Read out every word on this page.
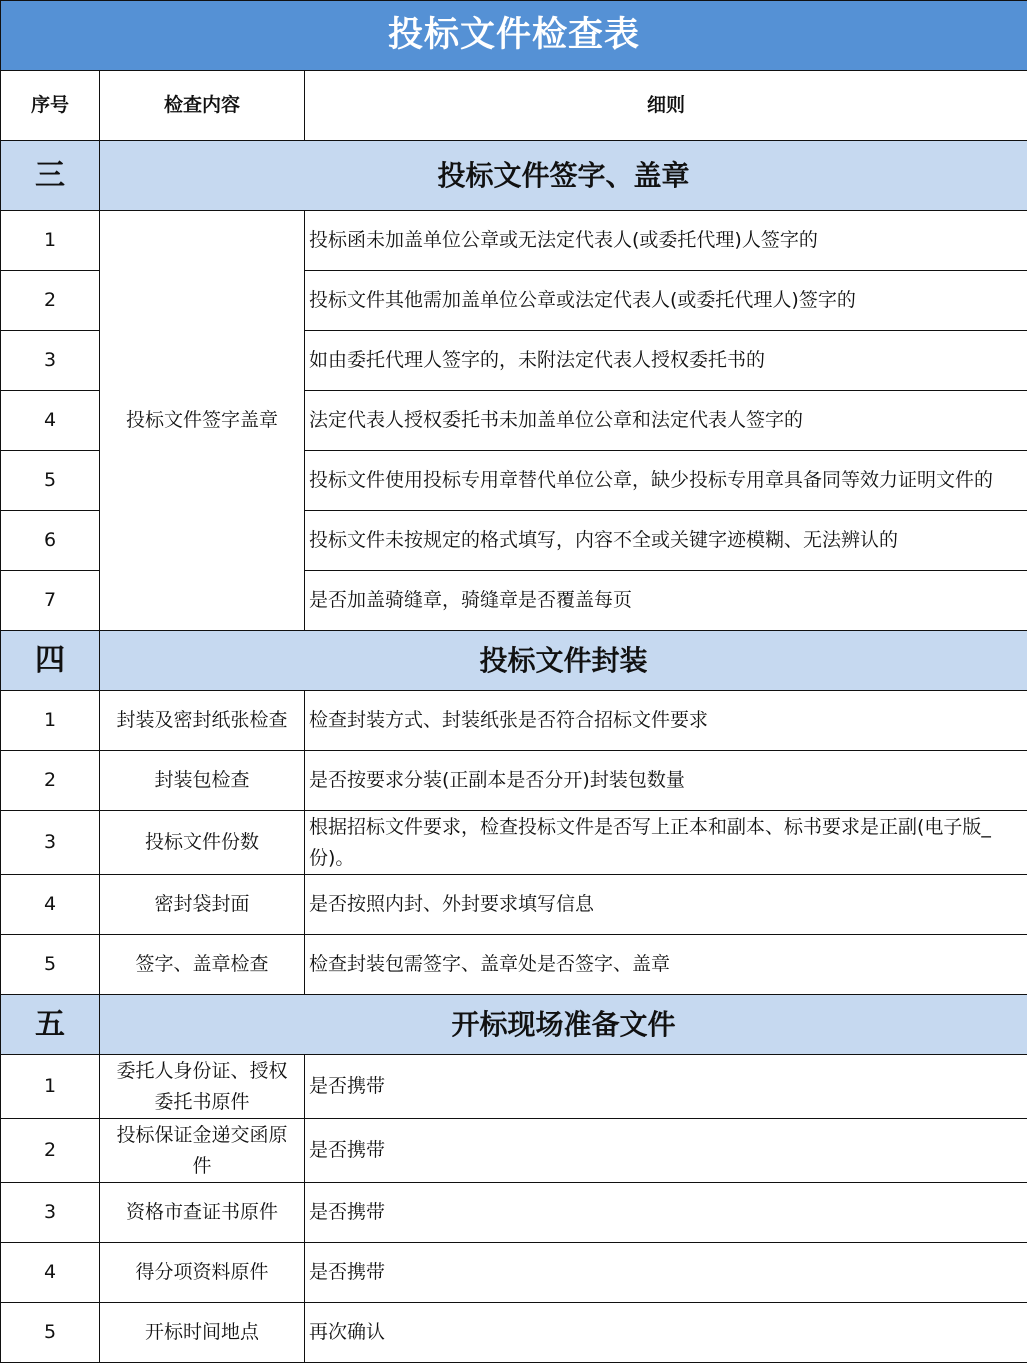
投标文件检查表		
序号	检查内容	细则
三	投标文件签字、盖章	
1	投标文件签字盖章	投标函未加盖单位公章或无法定代表人(或委托代理)人签字的
2		投标文件其他需加盖单位公章或法定代表人(或委托代理人)签字的
3		如由委托代理人签字的，未附法定代表人授权委托书的
4		法定代表人授权委托书未加盖单位公章和法定代表人签字的
5		投标文件使用投标专用章替代单位公章，缺少投标专用章具备同等效力证明文件的
6		投标文件未按规定的格式填写，内容不全或关键字迹模糊、无法辨认的
7		是否加盖骑缝章，骑缝章是否覆盖每页
四	投标文件封装	
1	封装及密封纸张检查	检查封装方式、封装纸张是否符合招标文件要求
2	封装包检查	是否按要求分装(正副本是否分开)封装包数量
3	投标文件份数	根据招标文件要求，检查投标文件是否写上正本和副本、标书要求是正副(电子版_份)。
4	密封袋封面	是否按照内封、外封要求填写信息
5	签字、盖章检查	检查封装包需签字、盖章处是否签字、盖章
五	开标现场准备文件	
1	委托人身份证、授权委托书原件	是否携带
2	投标保证金递交函原件	是否携带
3	资格市查证书原件	是否携带
4	得分项资料原件	是否携带
5	开标时间地点	再次确认
